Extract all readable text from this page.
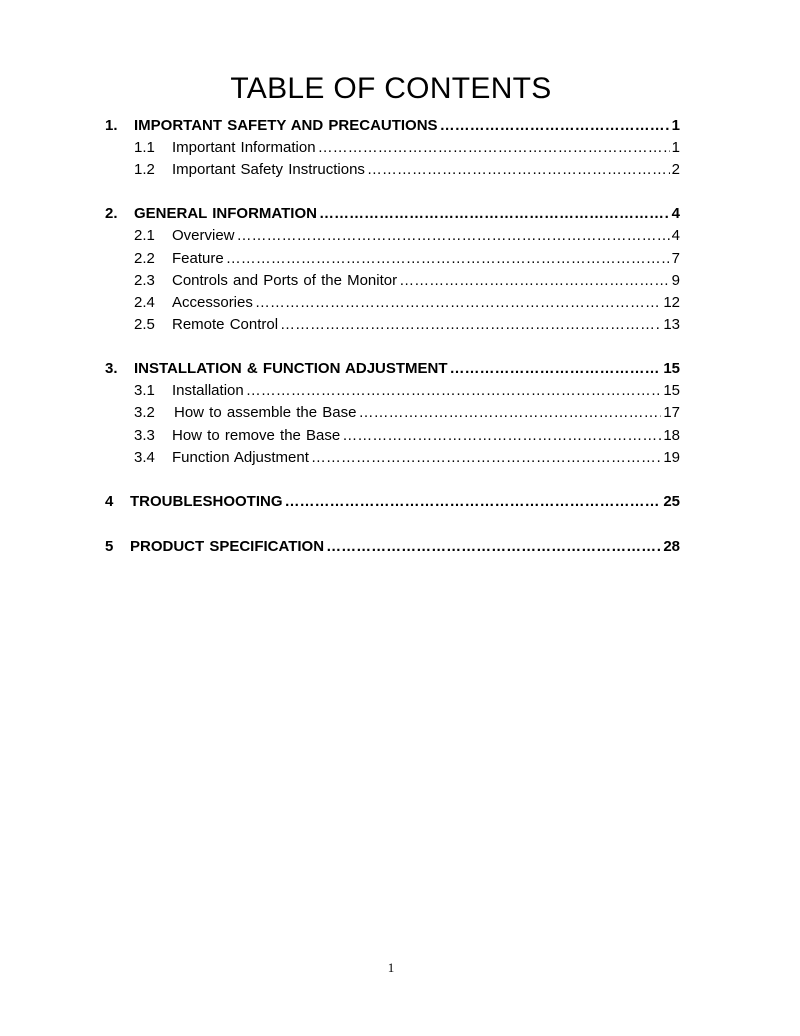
TABLE OF CONTENTS
1.	IMPORTANT SAFETY AND PRECAUTIONS ……………………………………………………………………………………………………………………………………………………………………………………	1
1.1	Important Information ……………………………………………………………………………………………………………………………………………………………………………………	1
1.2	Important Safety Instructions ……………………………………………………………………………………………………………………………………………………………………………………	2
2.	GENERAL INFORMATION ……………………………………………………………………………………………………………………………………………………………………………………	4
2.1	Overview ……………………………………………………………………………………………………………………………………………………………………………………	4
2.2	Feature ……………………………………………………………………………………………………………………………………………………………………………………	7
2.3	Controls and Ports of the Monitor ……………………………………………………………………………………………………………………………………………………………………………………	9
2.4	Accessories ……………………………………………………………………………………………………………………………………………………………………………………	12
2.5	Remote Control ……………………………………………………………………………………………………………………………………………………………………………………	13
3.	INSTALLATION & FUNCTION ADJUSTMENT ……………………………………………………………………………………………………………………………………………………………………………………	15
3.1	Installation ……………………………………………………………………………………………………………………………………………………………………………………	15
3.2	How to assemble the Base ……………………………………………………………………………………………………………………………………………………………………………………	17
3.3	How to remove the Base ……………………………………………………………………………………………………………………………………………………………………………………	18
3.4	Function Adjustment ……………………………………………………………………………………………………………………………………………………………………………………	19
4	TROUBLESHOOTING ……………………………………………………………………………………………………………………………………………………………………………………	25
5	PRODUCT SPECIFICATION ……………………………………………………………………………………………………………………………………………………………………………………	28
1
